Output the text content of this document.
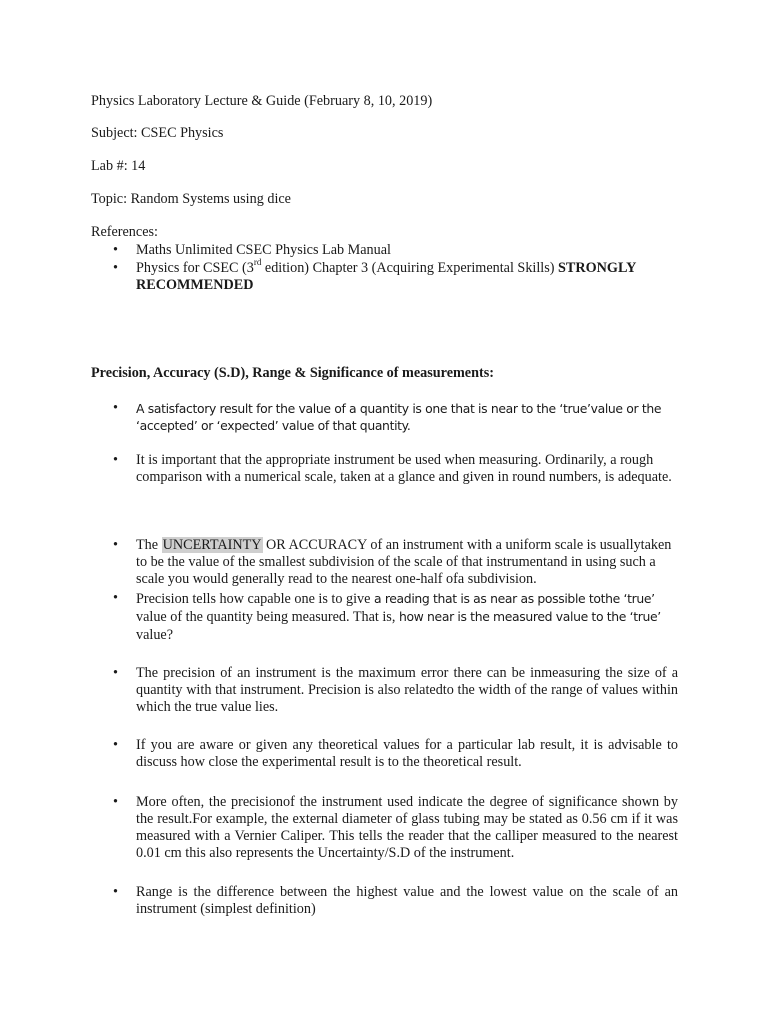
Physics Laboratory Lecture & Guide (February 8, 10, 2019)
Subject: CSEC Physics
Lab #: 14
Topic: Random Systems using dice
References:
• Maths Unlimited CSEC Physics Lab Manual
• Physics for CSEC (3rd edition) Chapter 3 (Acquiring Experimental Skills) STRONGLY
RECOMMENDED
Precision, Accuracy (S.D), Range & Significance of measurements:
• A satisfactory result for the value of a quantity is one that is near to the ‘true’value or the ‘accepted’ or ‘expected’ value of that quantity.
• It is important that the appropriate instrument be used when measuring. Ordinarily, a rough comparison with a numerical scale, taken at a glance and given in round numbers, is adequate.
• The UNCERTAINTY OR ACCURACY of an instrument with a uniform scale is usuallytaken to be the value of the smallest subdivision of the scale of that instrumentand in using such a scale you would generally read to the nearest one-half ofa subdivision.
• Precision tells how capable one is to give a reading that is as near as possible tothe ‘true’
value of the quantity being measured. That is, how near is the measured value to the ‘true’
value?
• The precision of an instrument is the maximum error there can be inmeasuring the size of a quantity with that instrument. Precision is also relatedto the width of the range of values within which the true value lies.
• If you are aware or given any theoretical values for a particular lab result, it is advisable to discuss how close the experimental result is to the theoretical result.
• More often, the precisionof the instrument used indicate the degree of significance shown by the result.For example, the external diameter of glass tubing may be stated as 0.56 cm if it was measured with a Vernier Caliper. This tells the reader that the calliper measured to the nearest 0.01 cm this also represents the Uncertainty/S.D of the instrument.
• Range is the difference between the highest value and the lowest value on the scale of an instrument (simplest definition)
